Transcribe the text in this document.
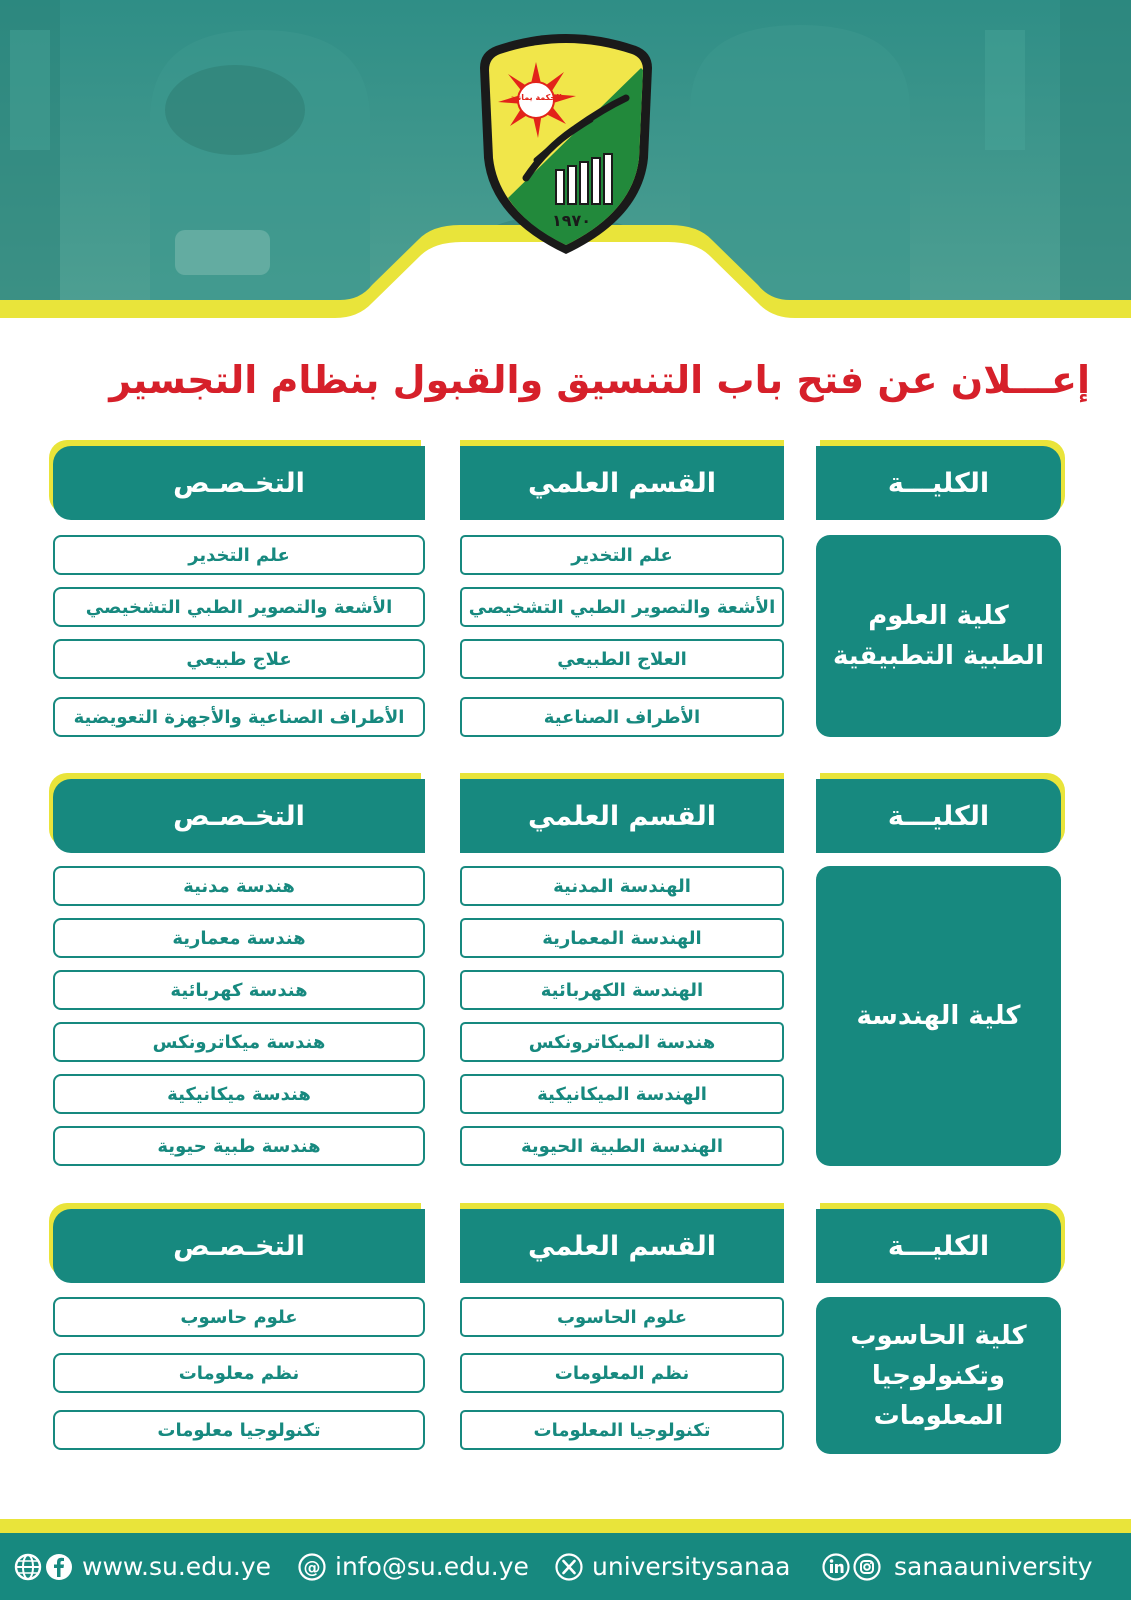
١٩٧٠
الحكمة يمانية
إعـــلان عن فتح باب التنسيق والقبول بنظام التجسير
الكليـــة
القسم العلمي
التخـصـص
كلية العلوم الطبية التطبيقية
علم التخدير
الأشعة والتصوير الطبي التشخيصي
العلاج الطبيعي
الأطراف الصناعية
علم التخدير
الأشعة والتصوير الطبي التشخيصي
علاج طبيعي
الأطراف الصناعية والأجهزة التعويضية
الكليـــة
القسم العلمي
التخـصـص
كلية الهندسة
الهندسة المدنية
الهندسة المعمارية
الهندسة الكهربائية
هندسة الميكاترونكس
الهندسة الميكانيكية
الهندسة الطبية الحيوية
هندسة مدنية
هندسة معمارية
هندسة كهربائية
هندسة ميكاترونكس
هندسة ميكانيكية
هندسة طبية حيوية
الكليـــة
القسم العلمي
التخـصـص
كلية الحاسوب وتكنولوجيا المعلومات
علوم الحاسوب
نظم المعلومات
تكنولوجيا المعلومات
علوم حاسوب
نظم معلومات
تكنولوجيا معلومات
www.su.edu.ye @ info@su.edu.ye	universitysanaa	sanaauniversity
